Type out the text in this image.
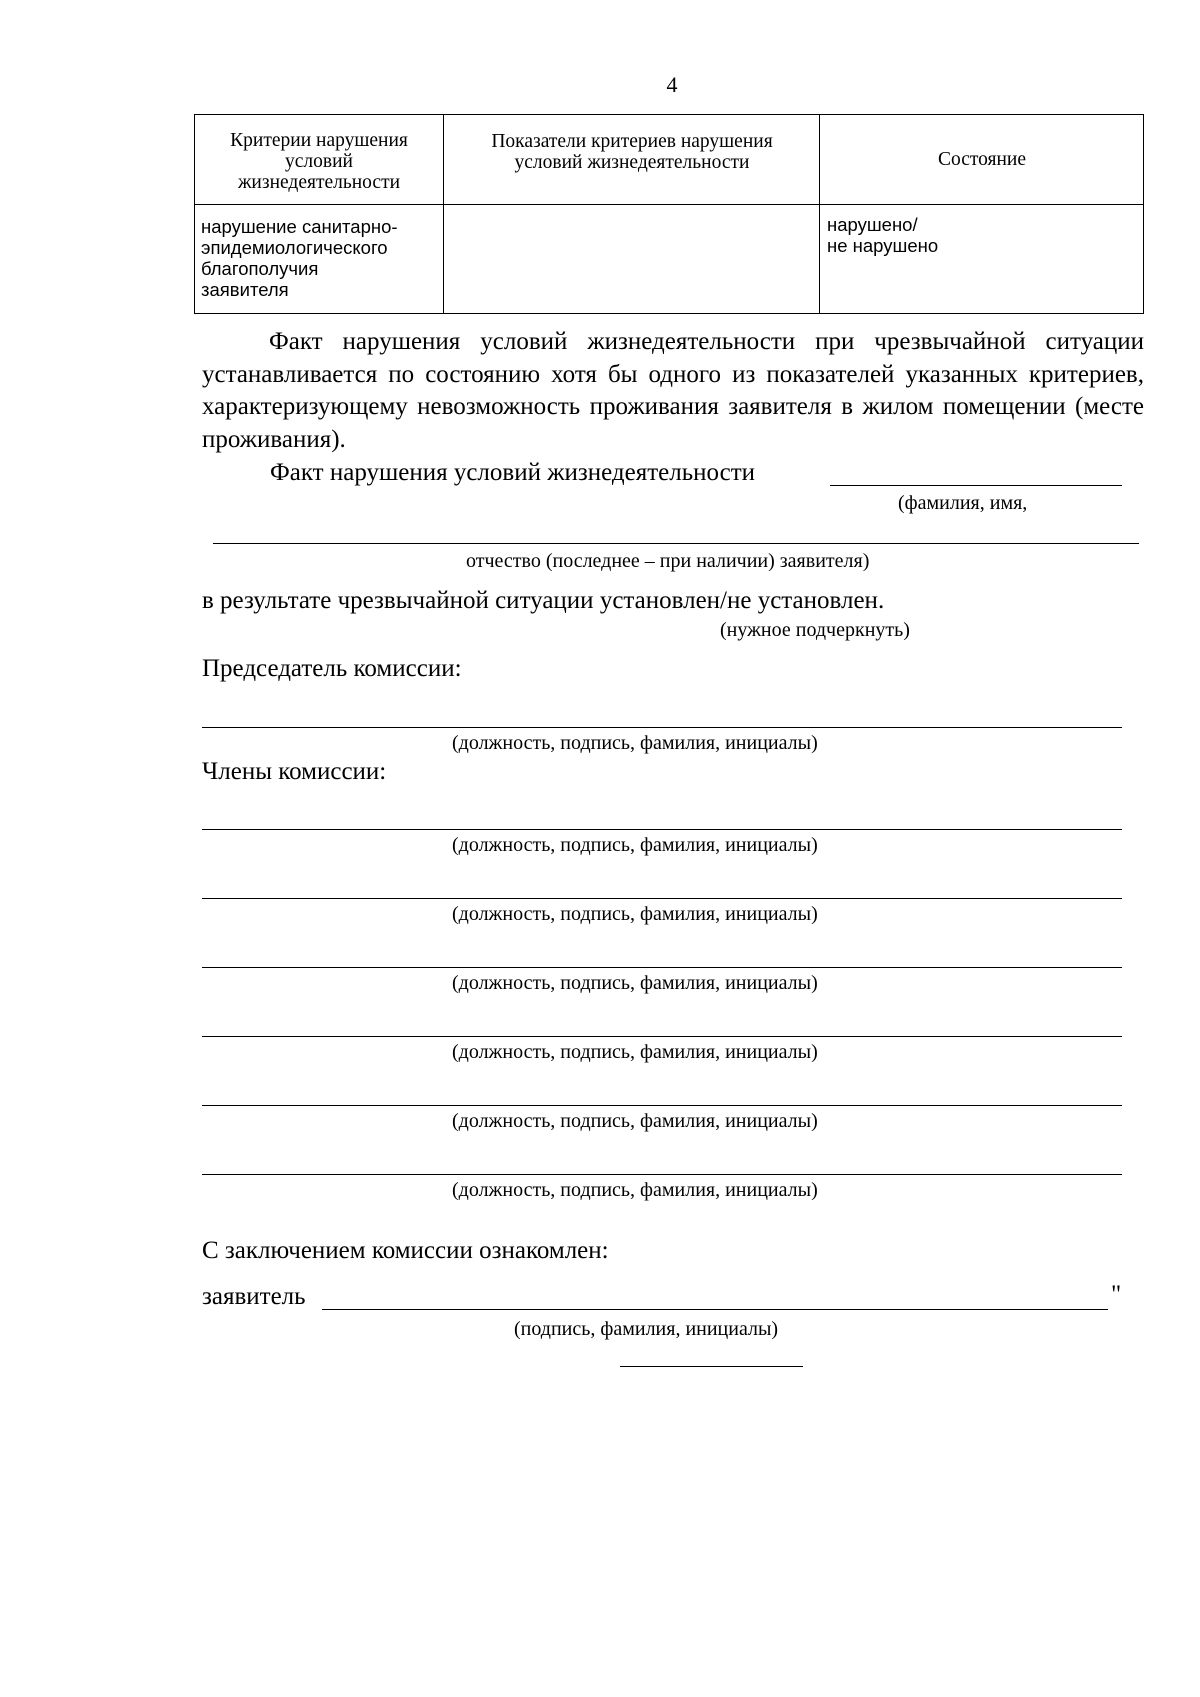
4
Критерии нарушения
условий
жизнедеятельности
Показатели критериев нарушения
условий жизнедеятельности	Состояние
нарушение санитарно-
эпидемиологического
благополучия
заявителя
нарушено/
не нарушено
Факт нарушения условий жизнедеятельности при чрезвычайной ситуации устанавливается по состоянию хотя бы одного из показателей указанных критериев, характеризующему невозможность проживания заявителя в жилом помещении (месте проживания).
Факт нарушения условий жизнедеятельности
(фамилия, имя,
отчество (последнее – при наличии) заявителя)
в результате чрезвычайной ситуации установлен/не установлен.
(нужное подчеркнуть)
Председатель комиссии:
(должность, подпись, фамилия, инициалы)
Члены комиссии:
(должность, подпись, фамилия, инициалы)
(должность, подпись, фамилия, инициалы)
(должность, подпись, фамилия, инициалы)
(должность, подпись, фамилия, инициалы)
(должность, подпись, фамилия, инициалы)
(должность, подпись, фамилия, инициалы)
С заключением комиссии ознакомлен:
заявитель	"
(подпись, фамилия, инициалы)
